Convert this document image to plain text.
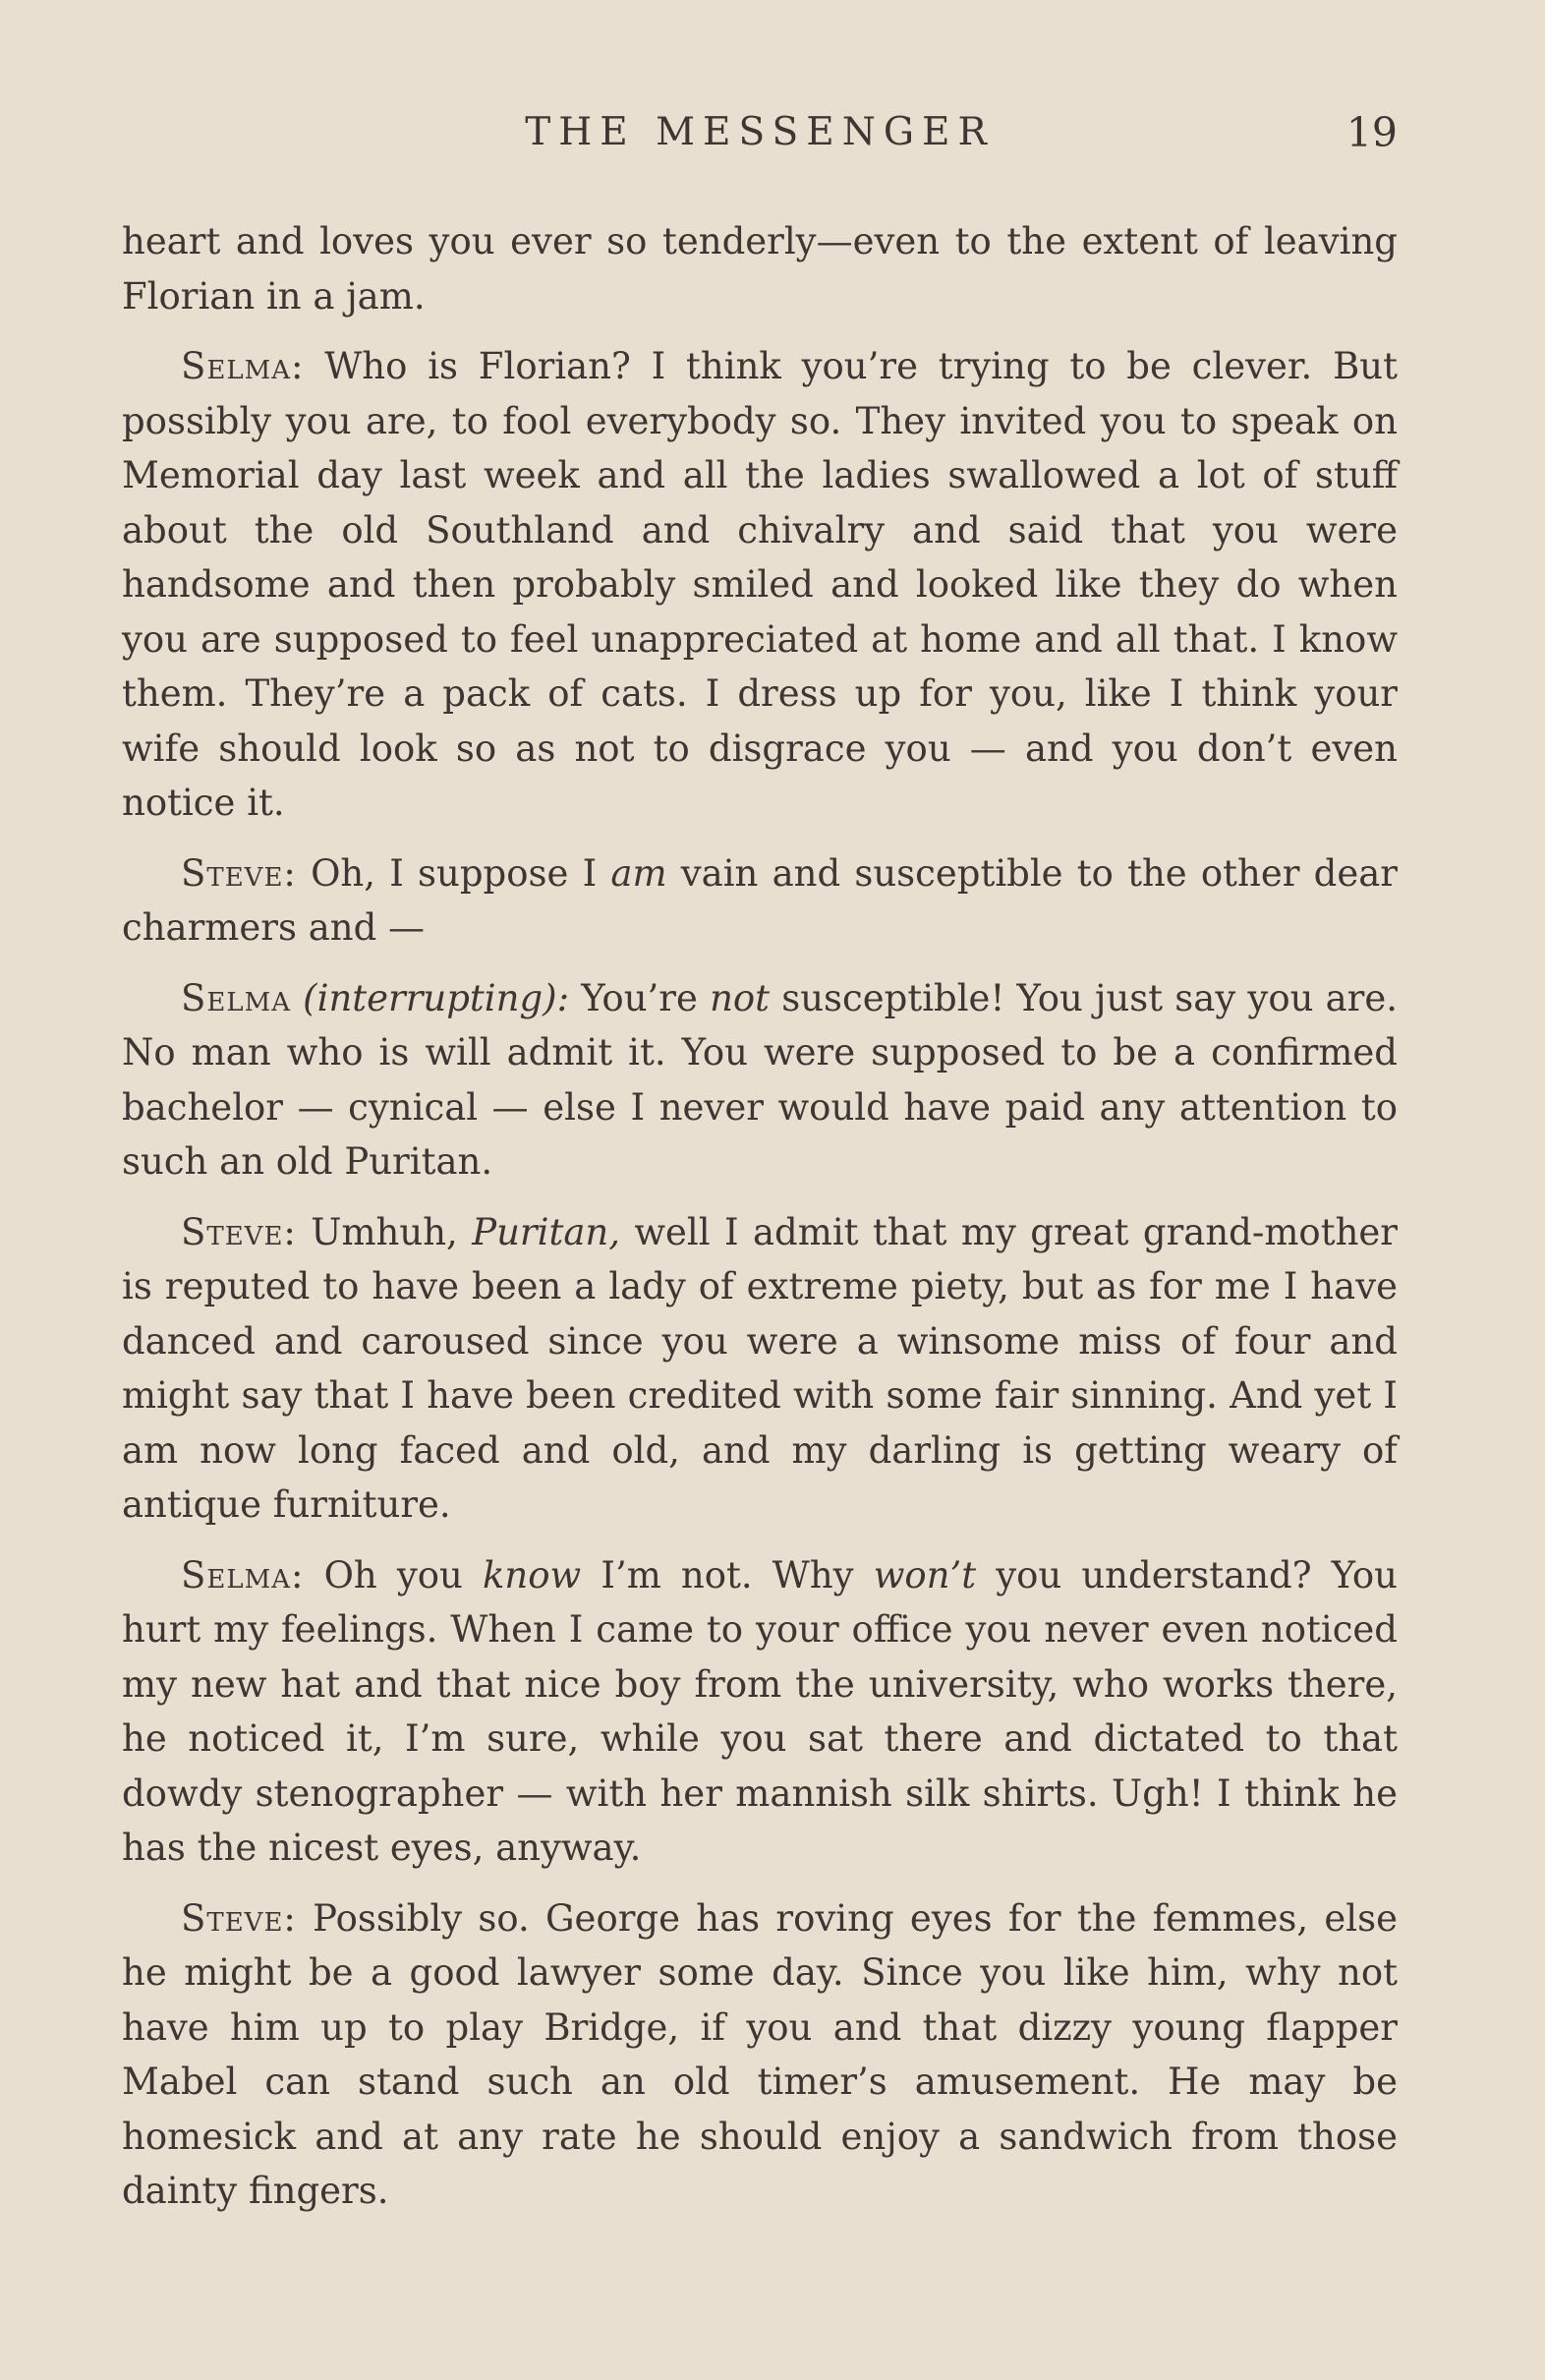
THE MESSENGER	19

heart and loves you ever so tenderly—even to the extent of leaving Florian in a jam.

Selma: Who is Florian? I think you’re trying to be clever. But possibly you are, to fool everybody so. They invited you to speak on Memorial day last week and all the ladies swallowed a lot of stuff about the old Southland and chivalry and said that you were handsome and then probably smiled and looked like they do when you are supposed to feel unappreciated at home and all that. I know them. They’re a pack of cats. I dress up for you, like I think your wife should look so as not to disgrace you — and you don’t even notice it.

Steve: Oh, I suppose I am vain and susceptible to the other dear charmers and —

Selma (interrupting): You’re not susceptible! You just say you are. No man who is will admit it. You were supposed to be a confirmed bachelor — cynical — else I never would have paid any attention to such an old Puritan.

Steve: Umhuh, Puritan, well I admit that my great grand-mother is reputed to have been a lady of extreme piety, but as for me I have danced and caroused since you were a winsome miss of four and might say that I have been credited with some fair sinning. And yet I am now long faced and old, and my darling is getting weary of antique furniture.

Selma: Oh you know I’m not. Why won’t you understand? You hurt my feelings. When I came to your office you never even noticed my new hat and that nice boy from the university, who works there, he noticed it, I’m sure, while you sat there and dictated to that dowdy stenographer — with her mannish silk shirts. Ugh! I think he has the nicest eyes, anyway.

Steve: Possibly so. George has roving eyes for the femmes, else he might be a good lawyer some day. Since you like him, why not have him up to play Bridge, if you and that dizzy young flapper Mabel can stand such an old timer’s amusement. He may be homesick and at any rate he should enjoy a sandwich from those dainty fingers.
